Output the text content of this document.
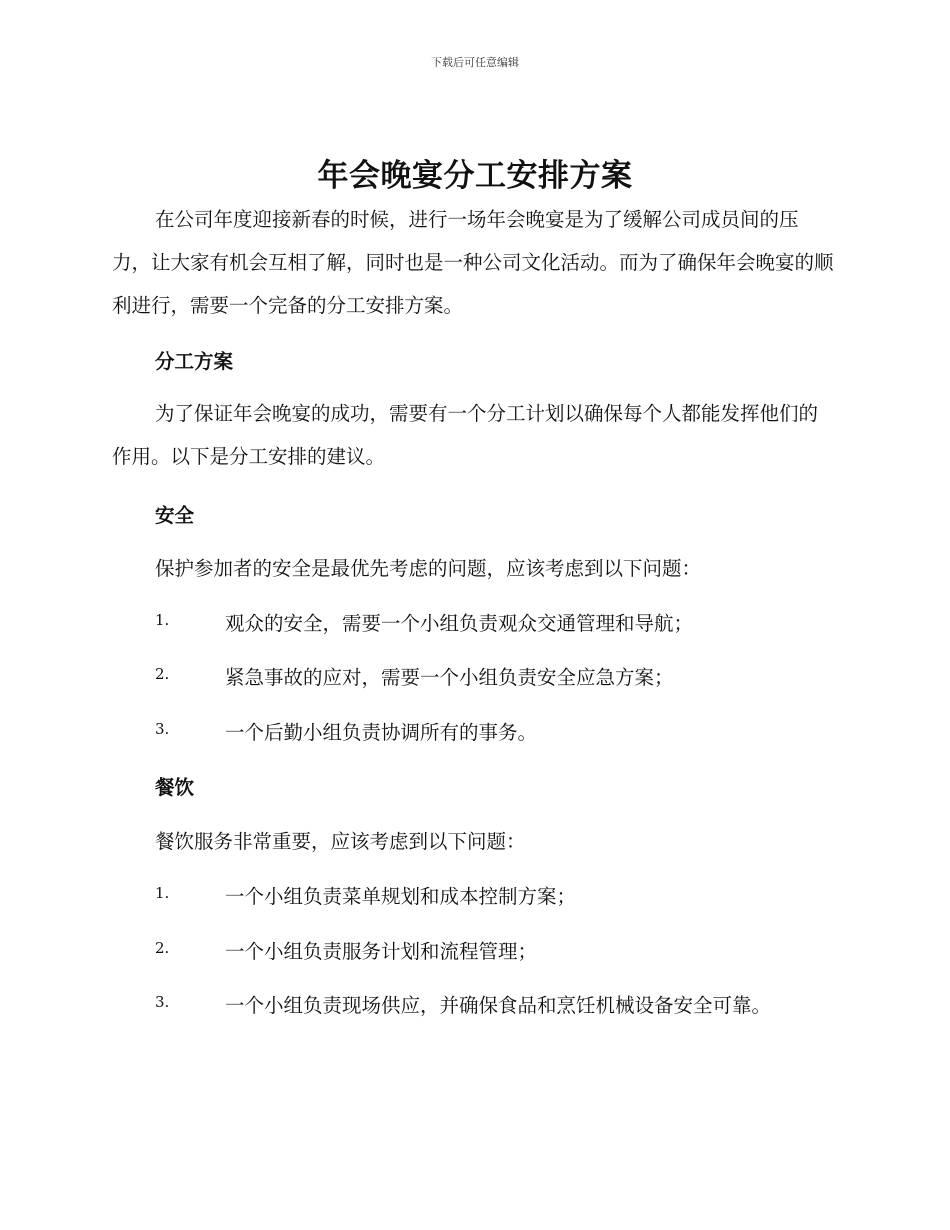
下载后可任意编辑
年会晚宴分工安排方案

在公司年度迎接新春的时候，进行一场年会晚宴是为了缓解公司成员间的压力，让大家有机会互相了解，同时也是一种公司文化活动。而为了确保年会晚宴的顺利进行，需要一个完备的分工安排方案。

分工方案

为了保证年会晚宴的成功，需要有一个分工计划以确保每个人都能发挥他们的作用。以下是分工安排的建议。

安全

保护参加者的安全是最优先考虑的问题，应该考虑到以下问题：

1.	观众的安全，需要一个小组负责观众交通管理和导航；
2.	紧急事故的应对，需要一个小组负责安全应急方案；
3.	一个后勤小组负责协调所有的事务。
餐饮

餐饮服务非常重要，应该考虑到以下问题：

1.	一个小组负责菜单规划和成本控制方案；
2.	一个小组负责服务计划和流程管理；
3.	一个小组负责现场供应，并确保食品和烹饪机械设备安全可靠。
